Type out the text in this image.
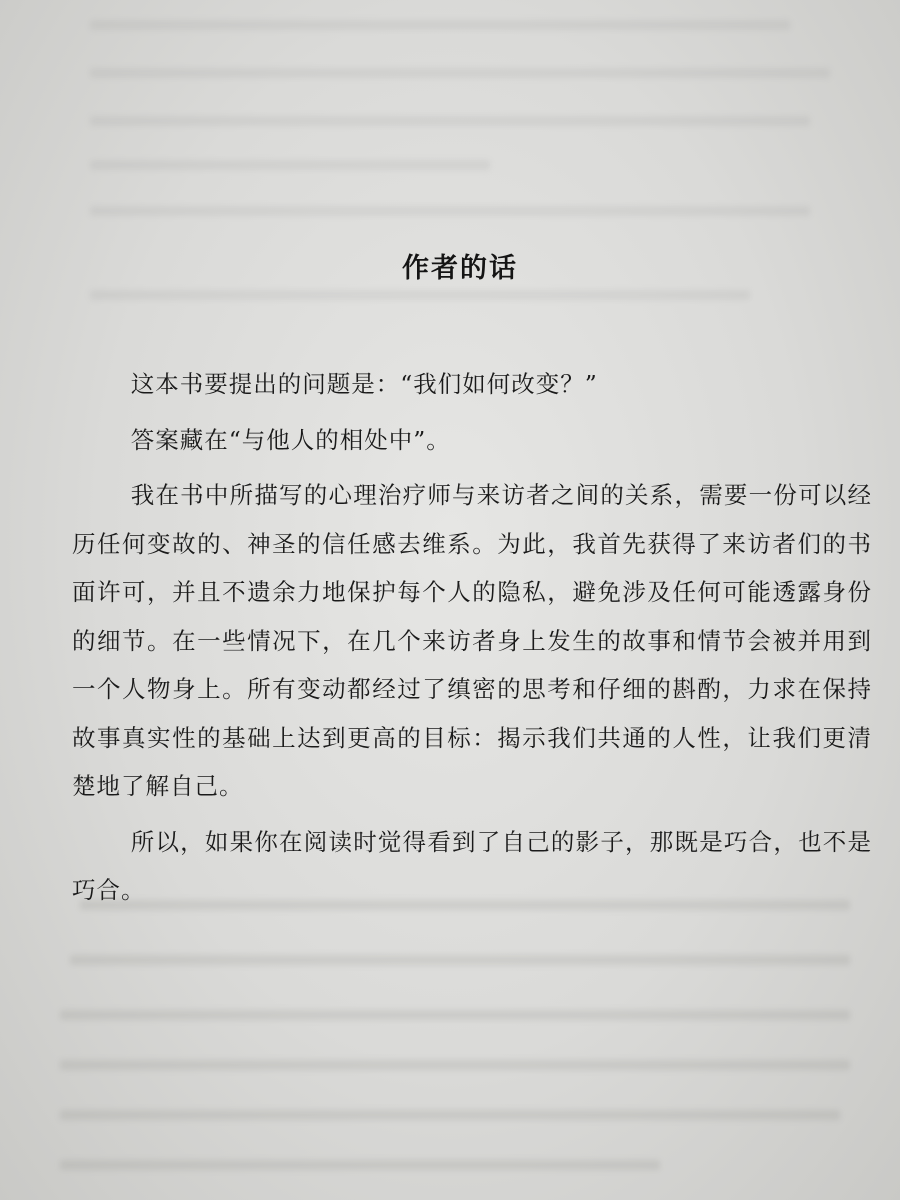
作者的话

这本书要提出的问题是：“我们如何改变？”

答案藏在“与他人的相处中”。

我在书中所描写的心理治疗师与来访者之间的关系，需要一份可以经历任何变故的、神圣的信任感去维系。为此，我首先获得了来访者们的书面许可，并且不遗余力地保护每个人的隐私，避免涉及任何可能透露身份的细节。在一些情况下，在几个来访者身上发生的故事和情节会被并用到一个人物身上。所有变动都经过了缜密的思考和仔细的斟酌，力求在保持故事真实性的基础上达到更高的目标：揭示我们共通的人性，让我们更清楚地了解自己。

所以，如果你在阅读时觉得看到了自己的影子，那既是巧合，也不是巧合。
